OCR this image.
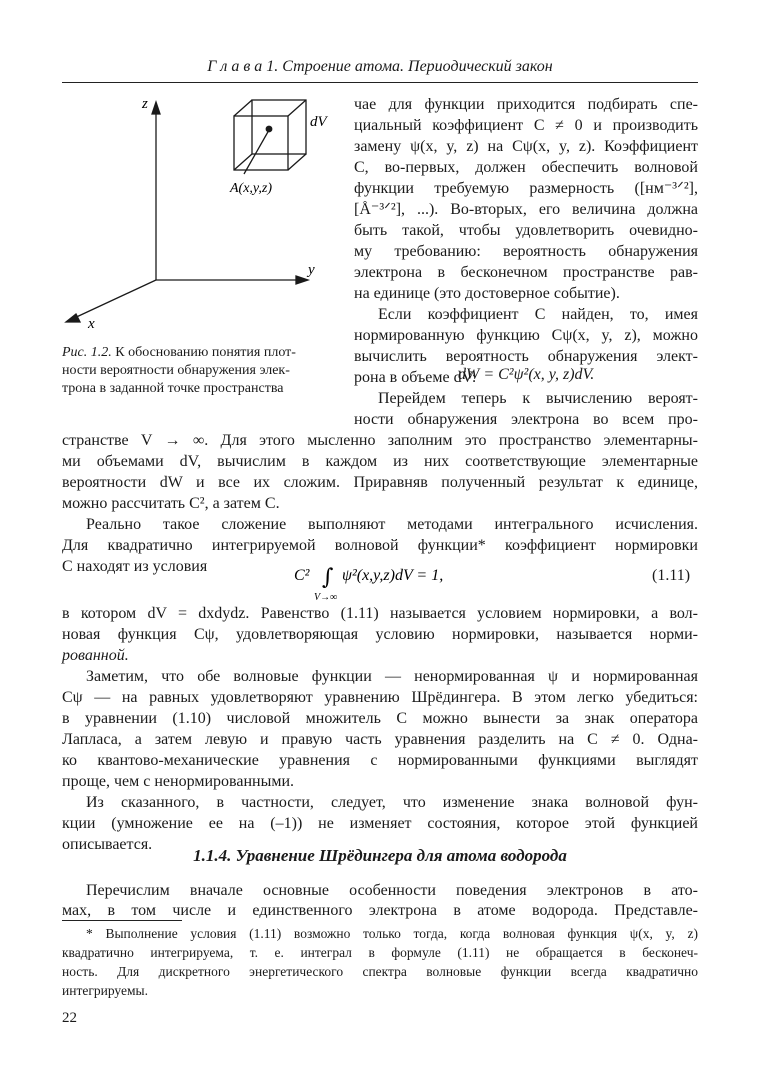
Г л а в а 1. Строение атома. Периодический закон
z
y
x
dV
A(x,y,z)
Рис. 1.2. К обоснованию понятия плот-
ности вероятности обнаружения элек-
трона в заданной точке пространства
чае для функции приходится подбирать спе-
циальный коэффициент C ≠ 0 и производить
замену ψ(x, y, z) на Cψ(x, y, z). Коэффициент
C, во-первых, должен обеспечить волновой
функции требуемую размерность ([нм⁻³ᐟ²],
[Å⁻³ᐟ²], ...). Во-вторых, его величина должна
быть такой, чтобы удовлетворить очевидно-
му требованию: вероятность обнаружения
электрона в бесконечном пространстве рав-
на единице (это достоверное событие).
Если коэффициент C найден, то, имея
нормированную функцию Cψ(x, y, z), можно
вычислить вероятность обнаружения элект-
рона в объеме dV:
dW = C²ψ²(x, y, z)dV.
Перейдем теперь к вычислению вероят-
ности обнаружения электрона во всем про-
странстве V → ∞. Для этого мысленно заполним это пространство элементарны-
ми объемами dV, вычислим в каждом из них соответствующие элементарные
вероятности dW и все их сложим. Приравняв полученный результат к единице,
можно рассчитать C², а затем C.
Реально такое сложение выполняют методами интегрального исчисления.
Для квадратично интегрируемой волновой функции* коэффициент нормировки
C находят из условия
C² ∫ ψ²(x,y,z)dV = 1,
V→∞
(1.11)
в котором dV = dxdydz. Равенство (1.11) называется условием нормировки, а вол-
новая функция Cψ, удовлетворяющая условию нормировки, называется норми-
рованной.
Заметим, что обе волновые функции — ненормированная ψ и нормированная
Cψ — на равных удовлетворяют уравнению Шрёдингера. В этом легко убедиться:
в уравнении (1.10) числовой множитель C можно вынести за знак оператора
Лапласа, а затем левую и правую часть уравнения разделить на C ≠ 0. Одна-
ко квантово-механические уравнения с нормированными функциями выглядят
проще, чем с ненормированными.
Из сказанного, в частности, следует, что изменение знака волновой фун-
кции (умножение ее на (–1)) не изменяет состояния, которое этой функцией
описывается.
1.1.4. Уравнение Шрёдингера для атома водорода
Перечислим вначале основные особенности поведения электронов в ато-
мах, в том числе и единственного электрона в атоме водорода. Представле-
* Выполнение условия (1.11) возможно только тогда, когда волновая функция ψ(x, y, z)
квадратично интегрируема, т. е. интеграл в формуле (1.11) не обращается в бесконеч-
ность. Для дискретного энергетического спектра волновые функции всегда квадратично
интегрируемы.
22
